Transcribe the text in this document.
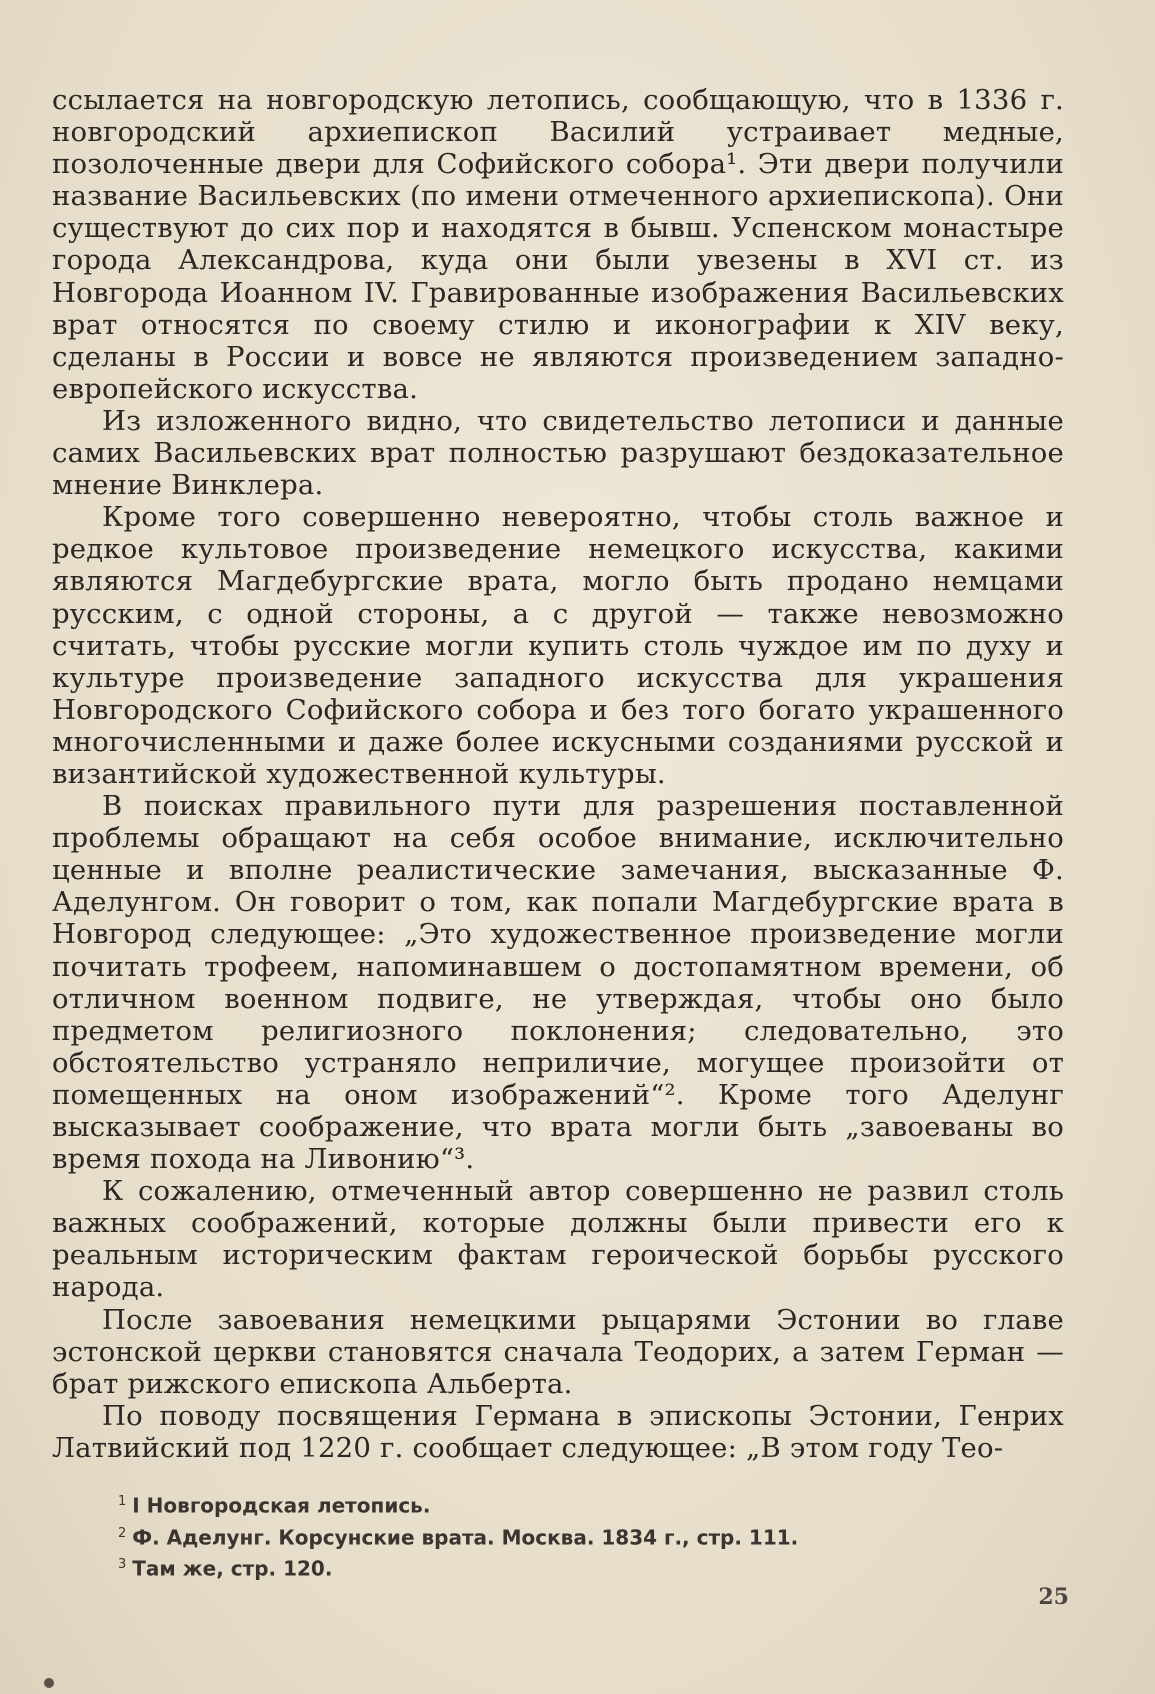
ссылается на новгородскую летопись, сообщающую, что в 1336 г. новгородский архиепископ Василий устраивает медные, позолоченные двери для Софийского собора¹. Эти двери получили название Васильевских (по имени отмеченного архиепископа). Они существуют до сих пор и находятся в бывш. Успенском монастыре города Александрова, куда они были увезены в XVI ст. из Новгорода Иоанном IV. Гравированные изображения Васильевских врат относятся по своему стилю и иконографии к XIV веку, сделаны в России и вовсе не являются произведением западно-европейского искусства.

Из изложенного видно, что свидетельство летописи и данные самих Васильевских врат полностью разрушают бездоказательное мнение Винклера.

Кроме того совершенно невероятно, чтобы столь важное и редкое культовое произведение немецкого искусства, какими являются Магдебургские врата, могло быть продано немцами русским, с одной стороны, а с другой — также невозможно считать, чтобы русские могли купить столь чуждое им по духу и культуре произведение западного искусства для украшения Новгородского Софийского собора и без того богато украшенного многочисленными и даже более искусными созданиями русской и византийской художественной культуры.

В поисках правильного пути для разрешения поставленной проблемы обращают на себя особое внимание, исключительно ценные и вполне реалистические замечания, высказанные Ф. Аделунгом. Он говорит о том, как попали Магдебургские врата в Новгород следующее: „Это художественное произведение могли почитать трофеем, напоминавшем о достопамятном времени, об отличном военном подвиге, не утверждая, чтобы оно было предметом религиозного поклонения; следовательно, это обстоятельство устраняло неприличие, могущее произойти от помещенных на оном изображений“². Кроме того Аделунг высказывает соображение, что врата могли быть „завоеваны во время похода на Ливонию“³.

К сожалению, отмеченный автор совершенно не развил столь важных соображений, которые должны были привести его к реальным историческим фактам героической борьбы русского народа.

После завоевания немецкими рыцарями Эстонии во главе эстонской церкви становятся сначала Теодорих, а затем Герман — брат рижского епископа Альберта.

По поводу посвящения Германа в эпископы Эстонии, Генрих Латвийский под 1220 г. сообщает следующее: „В этом году Тео-

$^1$ I Новгородская летопись.
$^2$ Ф. Аделунг. Корсунские врата. Москва. 1834 г., стр. 111.
$^3$ Там же, стр. 120.
25
